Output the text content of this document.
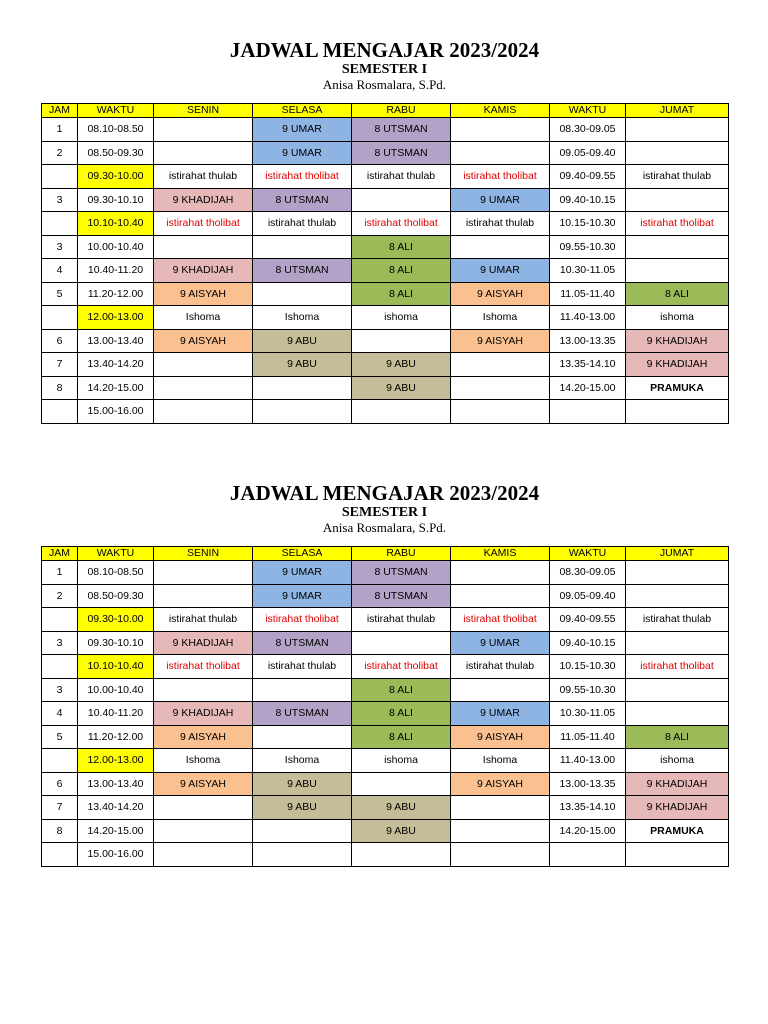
JADWAL MENGAJAR 2023/2024
SEMESTER I

Anisa Rosmalara, S.Pd.

JAM	WAKTU	SENIN	SELASA	RABU	KAMIS	WAKTU	JUMAT
1	08.10-08.50		9 UMAR	8 UTSMAN		08.30-09.05	
2	08.50-09.30		9 UMAR	8 UTSMAN		09.05-09.40	
	09.30-10.00	istirahat thulab	istirahat tholibat	istirahat thulab	istirahat tholibat	09.40-09.55	istirahat thulab
3	09.30-10.10	9 KHADIJAH	8 UTSMAN		9 UMAR	09.40-10.15	
	10.10-10.40	istirahat tholibat	istirahat thulab	istirahat tholibat	istirahat thulab	10.15-10.30	istirahat tholibat
3	10.00-10.40			8 ALI		09.55-10.30	
4	10.40-11.20	9 KHADIJAH	8 UTSMAN	8 ALI	9 UMAR	10.30-11.05	
5	11.20-12.00	9 AISYAH		8 ALI	9 AISYAH	11.05-11.40	8 ALI
	12.00-13.00	Ishoma	Ishoma	ishoma	Ishoma	11.40-13.00	ishoma
6	13.00-13.40	9 AISYAH	9 ABU		9 AISYAH	13.00-13.35	9 KHADIJAH
7	13.40-14.20		9 ABU	9 ABU		13.35-14.10	9 KHADIJAH
8	14.20-15.00			9 ABU		14.20-15.00	PRAMUKA
	15.00-16.00						
JADWAL MENGAJAR 2023/2024
SEMESTER I

Anisa Rosmalara, S.Pd.

JAM	WAKTU	SENIN	SELASA	RABU	KAMIS	WAKTU	JUMAT
1	08.10-08.50		9 UMAR	8 UTSMAN		08.30-09.05	
2	08.50-09.30		9 UMAR	8 UTSMAN		09.05-09.40	
	09.30-10.00	istirahat thulab	istirahat tholibat	istirahat thulab	istirahat tholibat	09.40-09.55	istirahat thulab
3	09.30-10.10	9 KHADIJAH	8 UTSMAN		9 UMAR	09.40-10.15	
	10.10-10.40	istirahat tholibat	istirahat thulab	istirahat tholibat	istirahat thulab	10.15-10.30	istirahat tholibat
3	10.00-10.40			8 ALI		09.55-10.30	
4	10.40-11.20	9 KHADIJAH	8 UTSMAN	8 ALI	9 UMAR	10.30-11.05	
5	11.20-12.00	9 AISYAH		8 ALI	9 AISYAH	11.05-11.40	8 ALI
	12.00-13.00	Ishoma	Ishoma	ishoma	Ishoma	11.40-13.00	ishoma
6	13.00-13.40	9 AISYAH	9 ABU		9 AISYAH	13.00-13.35	9 KHADIJAH
7	13.40-14.20		9 ABU	9 ABU		13.35-14.10	9 KHADIJAH
8	14.20-15.00			9 ABU		14.20-15.00	PRAMUKA
	15.00-16.00						
